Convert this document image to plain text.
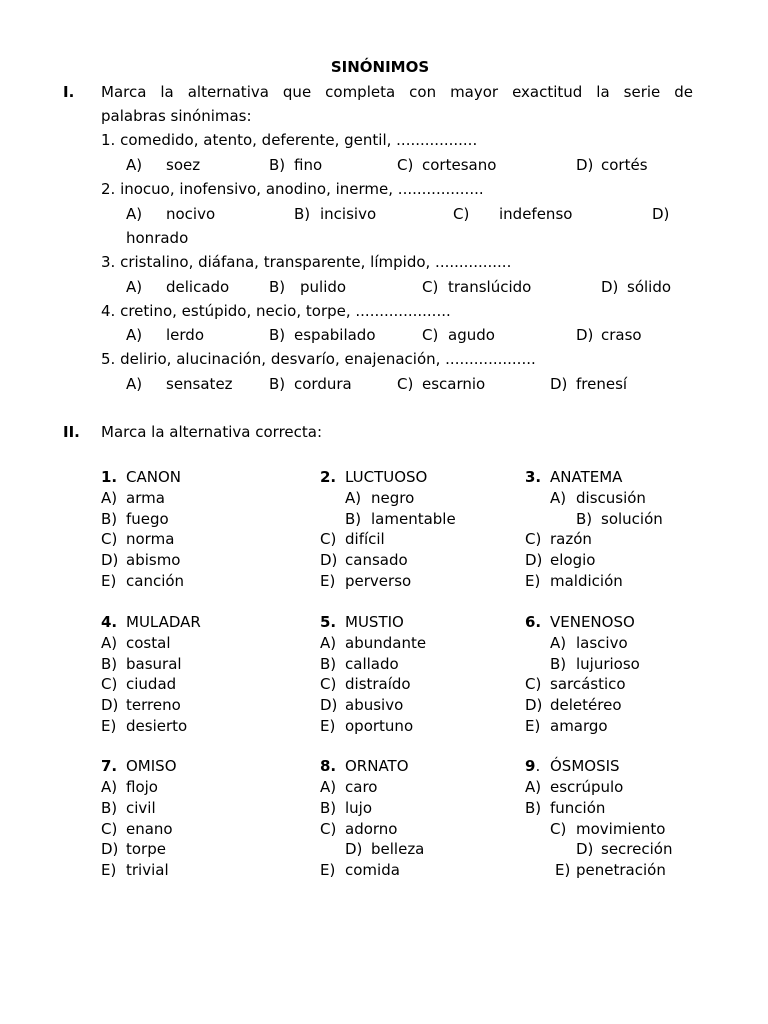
SINÓNIMOS
I. Marca la alternativa que completa con mayor exactitud la serie de
palabras sinónimas:
1. comedido, atento, deferente, gentil, .................
A) soez	B) fino	C) cortesano	D) cortés
2. inocuo, inofensivo, anodino, inerme, ..................
A) nocivo	B) incisivo	C) indefenso	D)
honrado
3. cristalino, diáfana, transparente, límpido, ................
A) delicado	B) pulido	C) translúcido	D) sólido
4. cretino, estúpido, necio, torpe, ....................
A) lerdo	B) espabilado	C) agudo	D) craso
5. delirio, alucinación, desvarío, enajenación, ...................
A) sensatez B) cordura	C) escarnio	D) frenesí
II. Marca la alternativa correcta:
1. CANON
A) arma
B) fuego
C) norma
D) abismo
E) canción
2. LUCTUOSO
A) negro
B) lamentable
C) difícil
D) cansado
E) perverso
3. ANATEMA
A) discusión
B) solución
C) razón
D) elogio
E) maldición
4. MULADAR
A) costal
B) basural
C) ciudad
D) terreno
E) desierto
5. MUSTIO
A) abundante
B) callado
C) distraído
D) abusivo
E) oportuno
6. VENENOSO
A) lascivo
B) lujurioso
C) sarcástico
D) deletéreo
E) amargo
7. OMISO
A) flojo
B) civil
C) enano
D) torpe
E) trivial
8. ORNATO
A) caro
B) lujo
C) adorno
D) belleza
E) comida
9. ÓSMOSIS
A) escrúpulo
B) función
C) movimiento
D) secreción
E) penetración
